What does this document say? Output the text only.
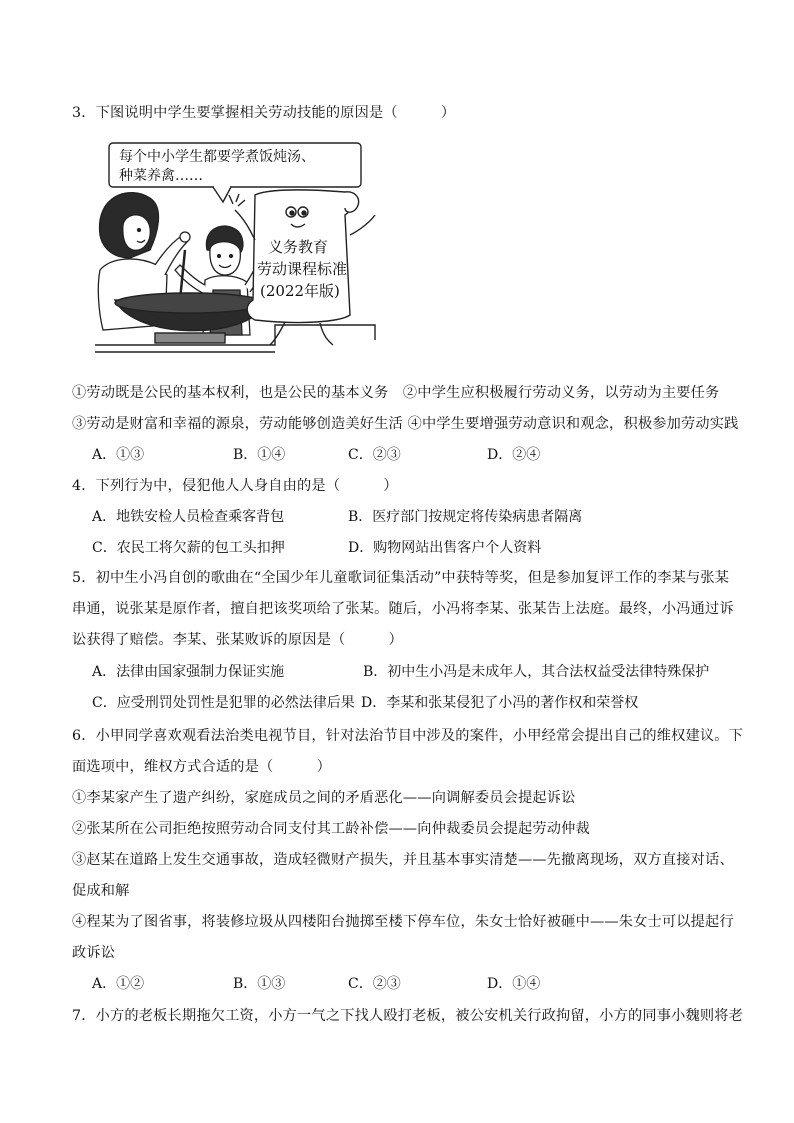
3．下图说明中学生要掌握相关劳动技能的原因是（　　　）
每个中小学生都要学煮饭炖汤、
种菜养禽……
义务教育
劳动课程标准
(2022年版)
①劳动既是公民的基本权利，也是公民的基本义务　②中学生应积极履行劳动义务，以劳动为主要任务
③劳动是财富和幸福的源泉，劳动能够创造美好生活 ④中学生要增强劳动意识和观念，积极参加劳动实践
A．①③	B．①④	C．②③	D．②④
4．下列行为中，侵犯他人人身自由的是（　　　）
A．地铁安检人员检查乘客背包	B．医疗部门按规定将传染病患者隔离
C．农民工将欠薪的包工头扣押	D．购物网站出售客户个人资料
5．初中生小冯自创的歌曲在“全国少年儿童歌词征集活动”中获特等奖，但是参加复评工作的李某与张某
串通，说张某是原作者，擅自把该奖项给了张某。随后，小冯将李某、张某告上法庭。最终，小冯通过诉
讼获得了赔偿。李某、张某败诉的原因是（　　　）
A．法律由国家强制力保证实施	B．初中生小冯是未成年人，其合法权益受法律特殊保护
C．应受刑罚处罚性是犯罪的必然法律后果 D．李某和张某侵犯了小冯的著作权和荣誉权
6．小甲同学喜欢观看法治类电视节目，针对法治节目中涉及的案件，小甲经常会提出自己的维权建议。下
面选项中，维权方式合适的是（　　　）
①李某家产生了遗产纠纷，家庭成员之间的矛盾恶化——向调解委员会提起诉讼
②张某所在公司拒绝按照劳动合同支付其工龄补偿——向仲裁委员会提起劳动仲裁
③赵某在道路上发生交通事故，造成轻微财产损失，并且基本事实清楚——先撤离现场，双方直接对话、
促成和解
④程某为了图省事，将装修垃圾从四楼阳台抛掷至楼下停车位，朱女士恰好被砸中——朱女士可以提起行
政诉讼
A．①②	B．①③	C．②③	D．①④
7．小方的老板长期拖欠工资，小方一气之下找人殴打老板，被公安机关行政拘留，小方的同事小魏则将老
